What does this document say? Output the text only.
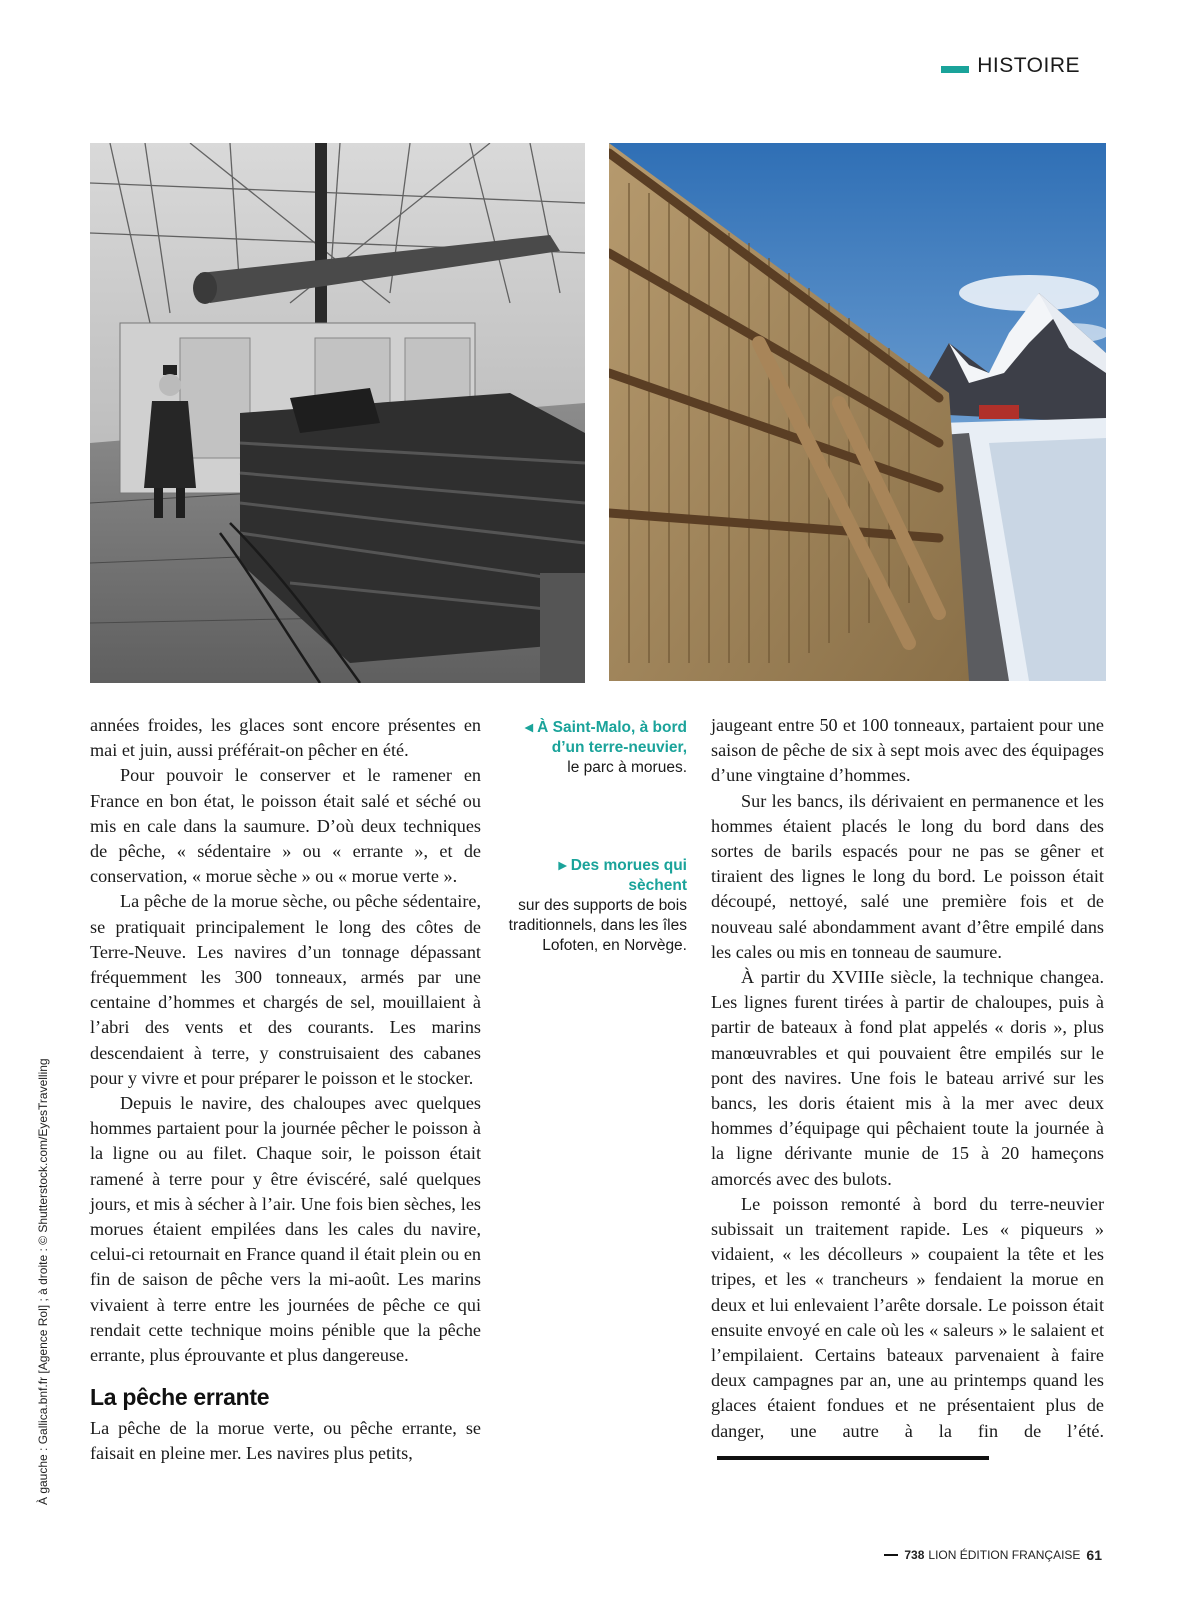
HISTOIRE
◂ À Saint-Malo, à bord d’un terre-neuvier,
le parc à morues.
▸ Des morues qui sèchent
sur des supports de bois traditionnels, dans les îles Lofoten, en Norvège.

années froides, les glaces sont encore présentes en mai et juin, aussi préférait-on pêcher en été.

Pour pouvoir le conserver et le ramener en France en bon état, le poisson était salé et séché ou mis en cale dans la saumure. D’où deux techniques de pêche, « sédentaire » ou « errante », et de conservation, « morue sèche » ou « morue verte ».

La pêche de la morue sèche, ou pêche sédentaire, se pratiquait principalement le long des côtes de Terre-Neuve. Les navires d’un tonnage dépassant fréquemment les 300 tonneaux, armés par une centaine d’hommes et chargés de sel, mouillaient à l’abri des vents et des courants. Les marins descendaient à terre, y construisaient des cabanes pour y vivre et pour préparer le poisson et le stocker.

Depuis le navire, des chaloupes avec quelques hommes partaient pour la journée pêcher le poisson à la ligne ou au filet. Chaque soir, le poisson était ramené à terre pour y être éviscéré, salé quelques jours, et mis à sécher à l’air. Une fois bien sèches, les morues étaient empilées dans les cales du navire, celui-ci retournait en France quand il était plein ou en fin de saison de pêche vers la mi-août. Les marins vivaient à terre entre les journées de pêche ce qui rendait cette technique moins pénible que la pêche errante, plus éprouvante et plus dangereuse.

La pêche errante

La pêche de la morue verte, ou pêche errante, se faisait en pleine mer. Les navires plus petits,

jaugeant entre 50 et 100 tonneaux, partaient pour une saison de pêche de six à sept mois avec des équipages d’une vingtaine d’hommes.

Sur les bancs, ils dérivaient en permanence et les hommes étaient placés le long du bord dans des sortes de barils espacés pour ne pas se gêner et tiraient des lignes le long du bord. Le poisson était découpé, nettoyé, salé une première fois et de nouveau salé abondamment avant d’être empilé dans les cales ou mis en tonneau de saumure.

À partir du XVIIIe siècle, la technique changea. Les lignes furent tirées à partir de chaloupes, puis à partir de bateaux à fond plat appelés « doris », plus manœuvrables et qui pouvaient être empilés sur le pont des navires. Une fois le bateau arrivé sur les bancs, les doris étaient mis à la mer avec deux hommes d’équipage qui pêchaient toute la journée à la ligne dérivante munie de 15 à 20 hameçons amorcés avec des bulots.

Le poisson remonté à bord du terre-neuvier subissait un traitement rapide. Les « piqueurs » vidaient, « les décolleurs » coupaient la tête et les tripes, et les « trancheurs » fendaient la morue en deux et lui enlevaient l’arête dorsale. Le poisson était ensuite envoyé en cale où les « saleurs » le salaient et l’empilaient. Certains bateaux parvenaient à faire deux campagnes par an, une au printemps quand les glaces étaient fondues et ne présentaient plus de danger, une autre à la fin de l’été.

À gauche : Gallica.bnf.fr [Agence Rol] ; à droite : © Shutterstock.com/EyesTravelling
738 LION ÉDITION FRANÇAISE 61
